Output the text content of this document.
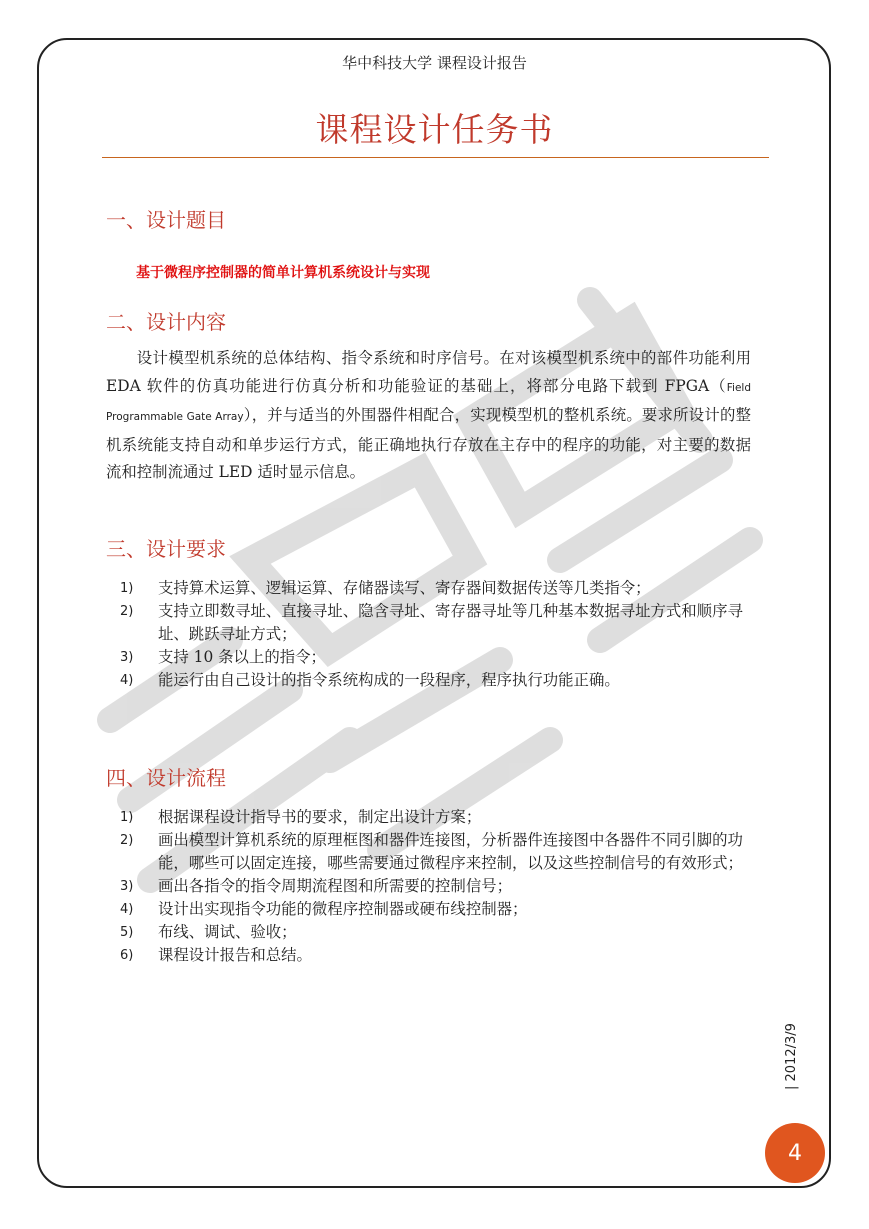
华中科技大学 课程设计报告
课程设计任务书
一、设计题目
基于微程序控制器的简单计算机系统设计与实现
二、设计内容
设计模型机系统的总体结构、指令系统和时序信号。在对该模型机系统中的部件功能利用 EDA 软件的仿真功能进行仿真分析和功能验证的基础上，将部分电路下载到 FPGA（Field Programmable Gate Array），并与适当的外围器件相配合，实现模型机的整机系统。要求所设计的整机系统能支持自动和单步运行方式，能正确地执行存放在主存中的程序的功能，对主要的数据流和控制流通过 LED 适时显示信息。
三、设计要求
1) 支持算术运算、逻辑运算、存储器读写、寄存器间数据传送等几类指令；
2) 支持立即数寻址、直接寻址、隐含寻址、寄存器寻址等几种基本数据寻址方式和顺序寻址、跳跃寻址方式；
3) 支持 10 条以上的指令；
4) 能运行由自己设计的指令系统构成的一段程序，程序执行功能正确。
四、设计流程
1) 根据课程设计指导书的要求，制定出设计方案；
2) 画出模型计算机系统的原理框图和器件连接图，分析器件连接图中各器件不同引脚的功能，哪些可以固定连接，哪些需要通过微程序来控制，以及这些控制信号的有效形式；
3) 画出各指令的指令周期流程图和所需要的控制信号；
4) 设计出实现指令功能的微程序控制器或硬布线控制器；
5) 布线、调试、验收；
6) 课程设计报告和总结。
| 2012/3/9
4
